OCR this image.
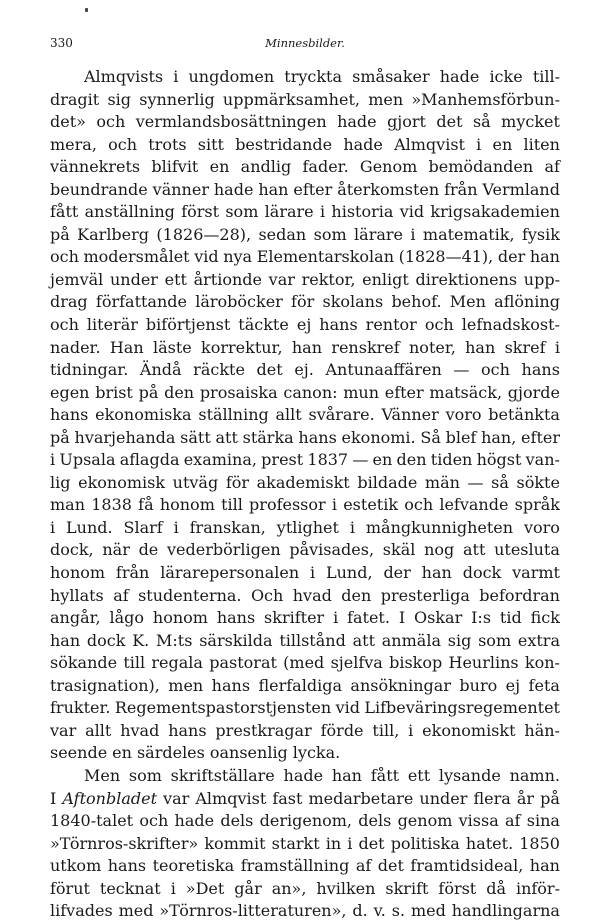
330	Minnesbilder.
Almqvists i ungdomen tryckta småsaker hade icke till-
dragit sig synnerlig uppmärksamhet, men »Manhemsförbun-
det» och vermlandsbosättningen hade gjort det så mycket
mera, och trots sitt bestridande hade Almqvist i en liten
vännekrets blifvit en andlig fader. Genom bemödanden af
beundrande vänner hade han efter återkomsten från Vermland
fått anställning först som lärare i historia vid krigsakademien
på Karlberg (1826—28), sedan som lärare i matematik, fysik
och modersmålet vid nya Elementarskolan (1828—41), der han
jemväl under ett årtionde var rektor, enligt direktionens upp-
drag författande läroböcker för skolans behof. Men aflöning
och literär biförtjenst täckte ej hans rentor och lefnadskost-
nader. Han läste korrektur, han renskref noter, han skref i
tidningar. Ändå räckte det ej. Antunaaffären — och hans
egen brist på den prosaiska canon: mun efter matsäck, gjorde
hans ekonomiska ställning allt svårare. Vänner voro betänkta
på hvarjehanda sätt att stärka hans ekonomi. Så blef han, efter
i Upsala aflagda examina, prest 1837 — en den tiden högst van-
lig ekonomisk utväg för akademiskt bildade män — så sökte
man 1838 få honom till professor i estetik och lefvande språk
i Lund. Slarf i franskan, ytlighet i mångkunnigheten voro
dock, när de vederbörligen påvisades, skäl nog att utesluta
honom från lärarepersonalen i Lund, der han dock varmt
hyllats af studenterna. Och hvad den presterliga befordran
angår, lågo honom hans skrifter i fatet. I Oskar I:s tid fick
han dock K. M:ts särskilda tillstånd att anmäla sig som extra
sökande till regala pastorat (med sjelfva biskop Heurlins kon-
trasignation), men hans flerfaldiga ansökningar buro ej feta
frukter. Regementspastorstjensten vid Lifbeväringsregementet
var allt hvad hans prestkragar förde till, i ekonomiskt hän-
seende en särdeles oansenlig lycka.
Men som skriftställare hade han fått ett lysande namn.
I Aftonbladet var Almqvist fast medarbetare under flera år på
1840-talet och hade dels derigenom, dels genom vissa af sina
»Törnros-skrifter» kommit starkt in i det politiska hatet. 1850
utkom hans teoretiska framställning af det framtidsideal, han
förut tecknat i »Det går an», hvilken skrift först då inför-
lifvades med »Törnros-litteraturen», d. v. s. med handlingarna
